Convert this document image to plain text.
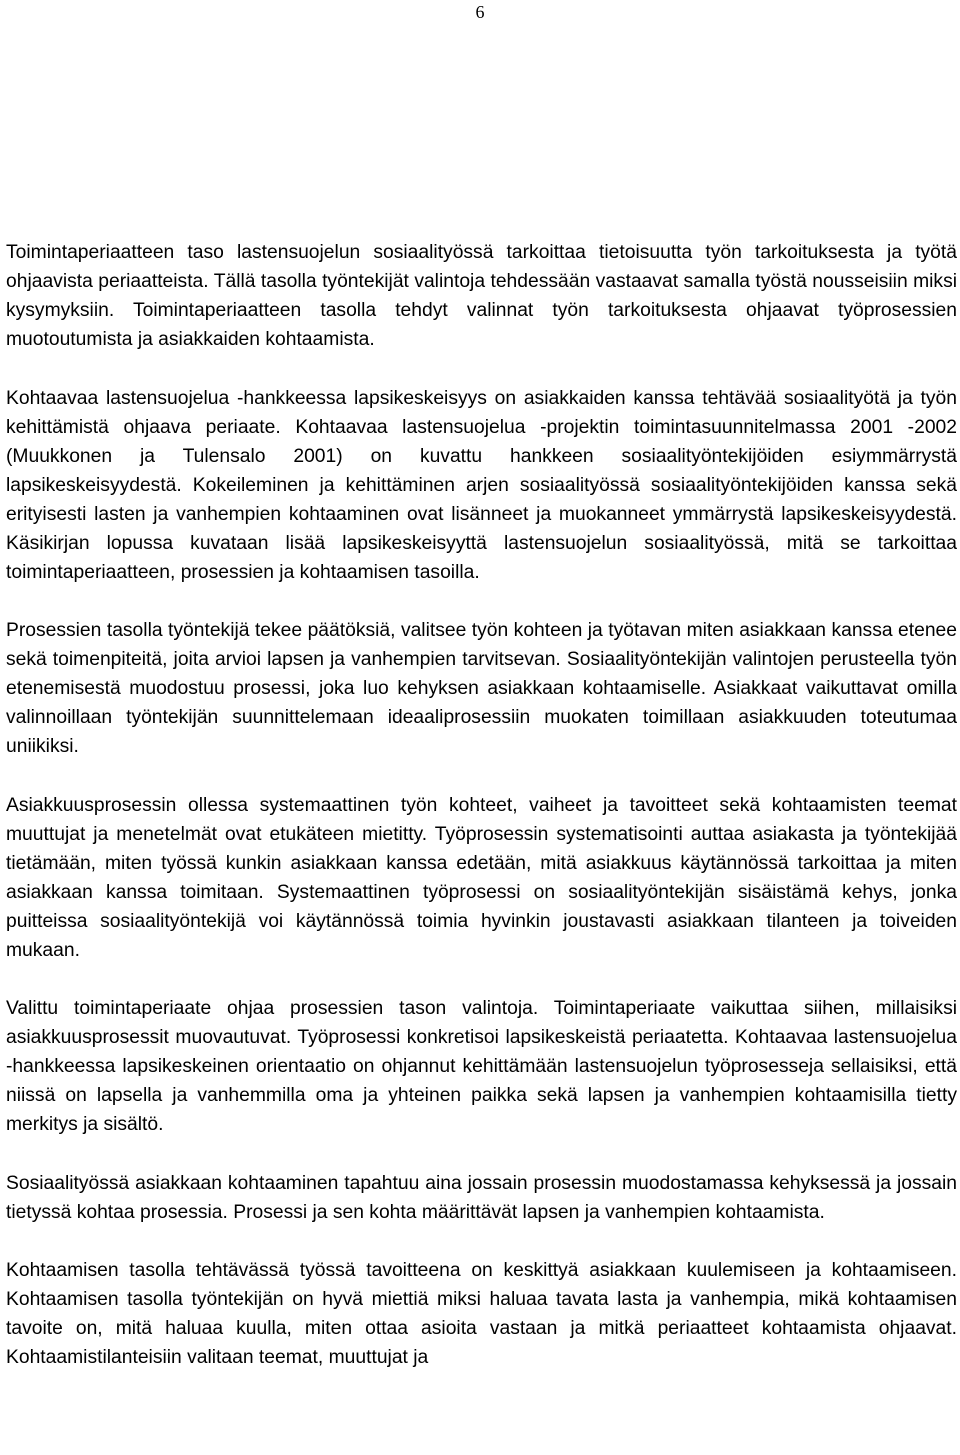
6

Toimintaperiaatteen taso lastensuojelun sosiaalityössä tarkoittaa tietoisuutta työn tarkoituksesta ja työtä ohjaavista periaatteista. Tällä tasolla työntekijät valintoja tehdessään vastaavat samalla työstä nousseisiin miksi kysymyksiin. Toimintaperiaatteen tasolla tehdyt valinnat työn tarkoituksesta ohjaavat työprosessien muotoutumista ja asiakkaiden kohtaamista.

Kohtaavaa lastensuojelua -hankkeessa lapsikeskeisyys on asiakkaiden kanssa tehtävää sosiaalityötä ja työn kehittämistä ohjaava periaate. Kohtaavaa lastensuojelua -projektin toimintasuunnitelmassa 2001 -2002 (Muukkonen ja Tulensalo 2001) on kuvattu hankkeen sosiaalityöntekijöiden esiymmärrystä lapsikeskeisyydestä. Kokeileminen ja kehittäminen arjen sosiaalityössä sosiaalityöntekijöiden kanssa sekä erityisesti lasten ja vanhempien kohtaaminen ovat lisänneet ja muokanneet ymmärrystä lapsikeskeisyydestä. Käsikirjan lopussa kuvataan lisää lapsikeskeisyyttä lastensuojelun sosiaalityössä, mitä se tarkoittaa toimintaperiaatteen, prosessien ja kohtaamisen tasoilla.

Prosessien tasolla työntekijä tekee päätöksiä, valitsee työn kohteen ja työtavan miten asiakkaan kanssa etenee sekä toimenpiteitä, joita arvioi lapsen ja vanhempien tarvitsevan. Sosiaalityöntekijän valintojen perusteella työn etenemisestä muodostuu prosessi, joka luo kehyksen asiakkaan kohtaamiselle. Asiakkaat vaikuttavat omilla valinnoillaan työntekijän suunnittelemaan ideaaliprosessiin muokaten toimillaan asiakkuuden toteutumaa uniikiksi.

Asiakkuusprosessin ollessa systemaattinen työn kohteet, vaiheet ja tavoitteet sekä kohtaamisten teemat muuttujat ja menetelmät ovat etukäteen mietitty. Työprosessin systematisointi auttaa asiakasta ja työntekijää tietämään, miten työssä kunkin asiakkaan kanssa edetään, mitä asiakkuus käytännössä tarkoittaa ja miten asiakkaan kanssa toimitaan. Systemaattinen työprosessi on sosiaalityöntekijän sisäistämä kehys, jonka puitteissa sosiaalityöntekijä voi käytännössä toimia hyvinkin joustavasti asiakkaan tilanteen ja toiveiden mukaan.

Valittu toimintaperiaate ohjaa prosessien tason valintoja. Toimintaperiaate vaikuttaa siihen, millaisiksi asiakkuusprosessit muovautuvat. Työprosessi konkretisoi lapsikeskeistä periaatetta. Kohtaavaa lastensuojelua -hankkeessa lapsikeskeinen orientaatio on ohjannut kehittämään lastensuojelun työprosesseja sellaisiksi, että niissä on lapsella ja vanhemmilla oma ja yhteinen paikka sekä lapsen ja vanhempien kohtaamisilla tietty merkitys ja sisältö.

Sosiaalityössä asiakkaan kohtaaminen tapahtuu aina jossain prosessin muodostamassa kehyksessä ja jossain tietyssä kohtaa prosessia. Prosessi ja sen kohta määrittävät lapsen ja vanhempien kohtaamista.

Kohtaamisen tasolla tehtävässä työssä tavoitteena on keskittyä asiakkaan kuulemiseen ja kohtaamiseen. Kohtaamisen tasolla työntekijän on hyvä miettiä miksi haluaa tavata lasta ja vanhempia, mikä kohtaamisen tavoite on, mitä haluaa kuulla, miten ottaa asioita vastaan ja mitkä periaatteet kohtaamista ohjaavat. Kohtaamistilanteisiin valitaan teemat, muuttujat ja
